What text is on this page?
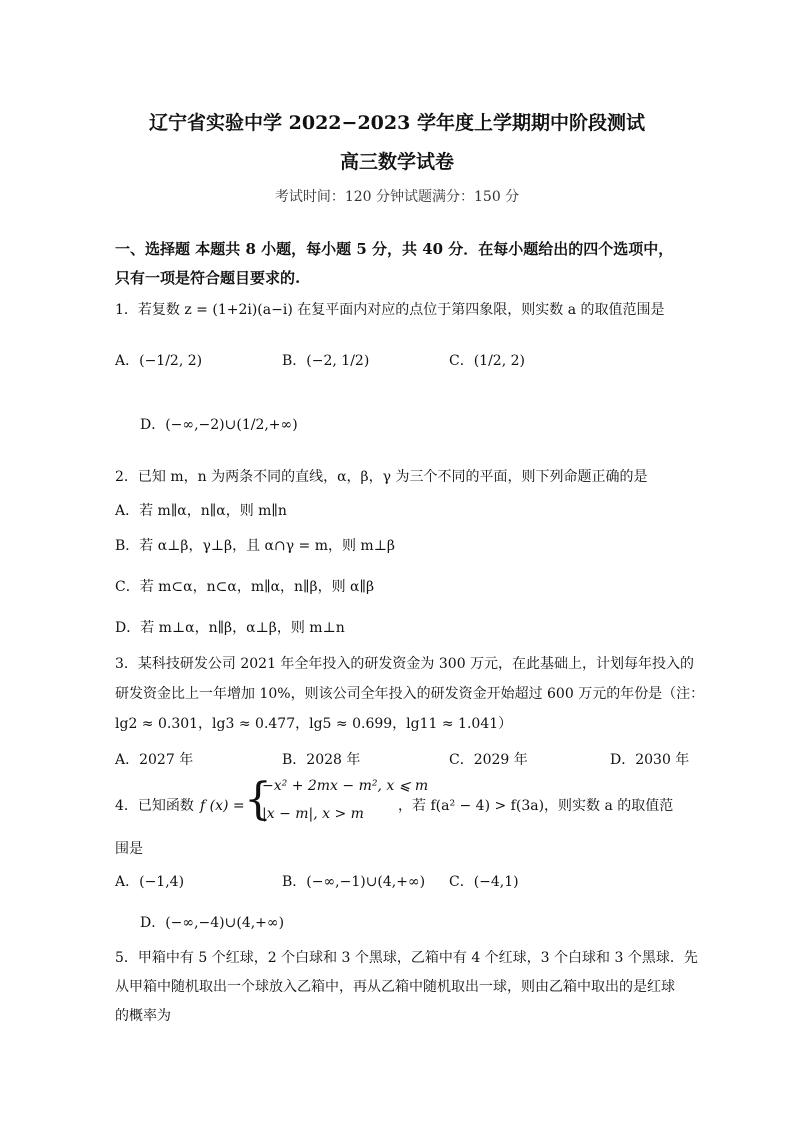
辽宁省实验中学 2022−2023 学年度上学期期中阶段测试
高三数学试卷
考试时间：120 分钟试题满分：150 分
一、选择题 本题共 8 小题，每小题 5 分，共 40 分．在每小题给出的四个选项中，
只有一项是符合题目要求的.
1．若复数 z = (1+2i)(a−i) 在复平面内对应的点位于第四象限，则实数 a 的取值范围是
A．(−1/2, 2)	B．(−2, 1/2)	C．(1/2, 2)
D．(−∞,−2)∪(1/2,+∞)
2．已知 m，n 为两条不同的直线，α，β，γ 为三个不同的平面，则下列命题正确的是
A．若 m∥α，n∥α，则 m∥n
B．若 α⊥β，γ⊥β，且 α∩γ = m，则 m⊥β
C．若 m⊂α，n⊂α，m∥α，n∥β，则 α∥β
D．若 m⊥α，n∥β，α⊥β，则 m⊥n
3．某科技研发公司 2021 年全年投入的研发资金为 300 万元，在此基础上，计划每年投入的
研发资金比上一年增加 10%，则该公司全年投入的研发资金开始超过 600 万元的年份是（注：
lg2 ≈ 0.301，lg3 ≈ 0.477，lg5 ≈ 0.699，lg11 ≈ 1.041）
A．2027 年	B．2028 年	C．2029 年	D．2030 年
4．已知函数 f (x) = {
−x² + 2mx − m², x ⩽ m
|x − m|, x > m ，若 f(a² − 4) > f(3a)，则实数 a 的取值范
围是
A．(−1,4)	B．(−∞,−1)∪(4,+∞) C．(−4,1)
D．(−∞,−4)∪(4,+∞)
5．甲箱中有 5 个红球，2 个白球和 3 个黑球，乙箱中有 4 个红球，3 个白球和 3 个黑球．先
从甲箱中随机取出一个球放入乙箱中，再从乙箱中随机取出一球，则由乙箱中取出的是红球
的概率为
